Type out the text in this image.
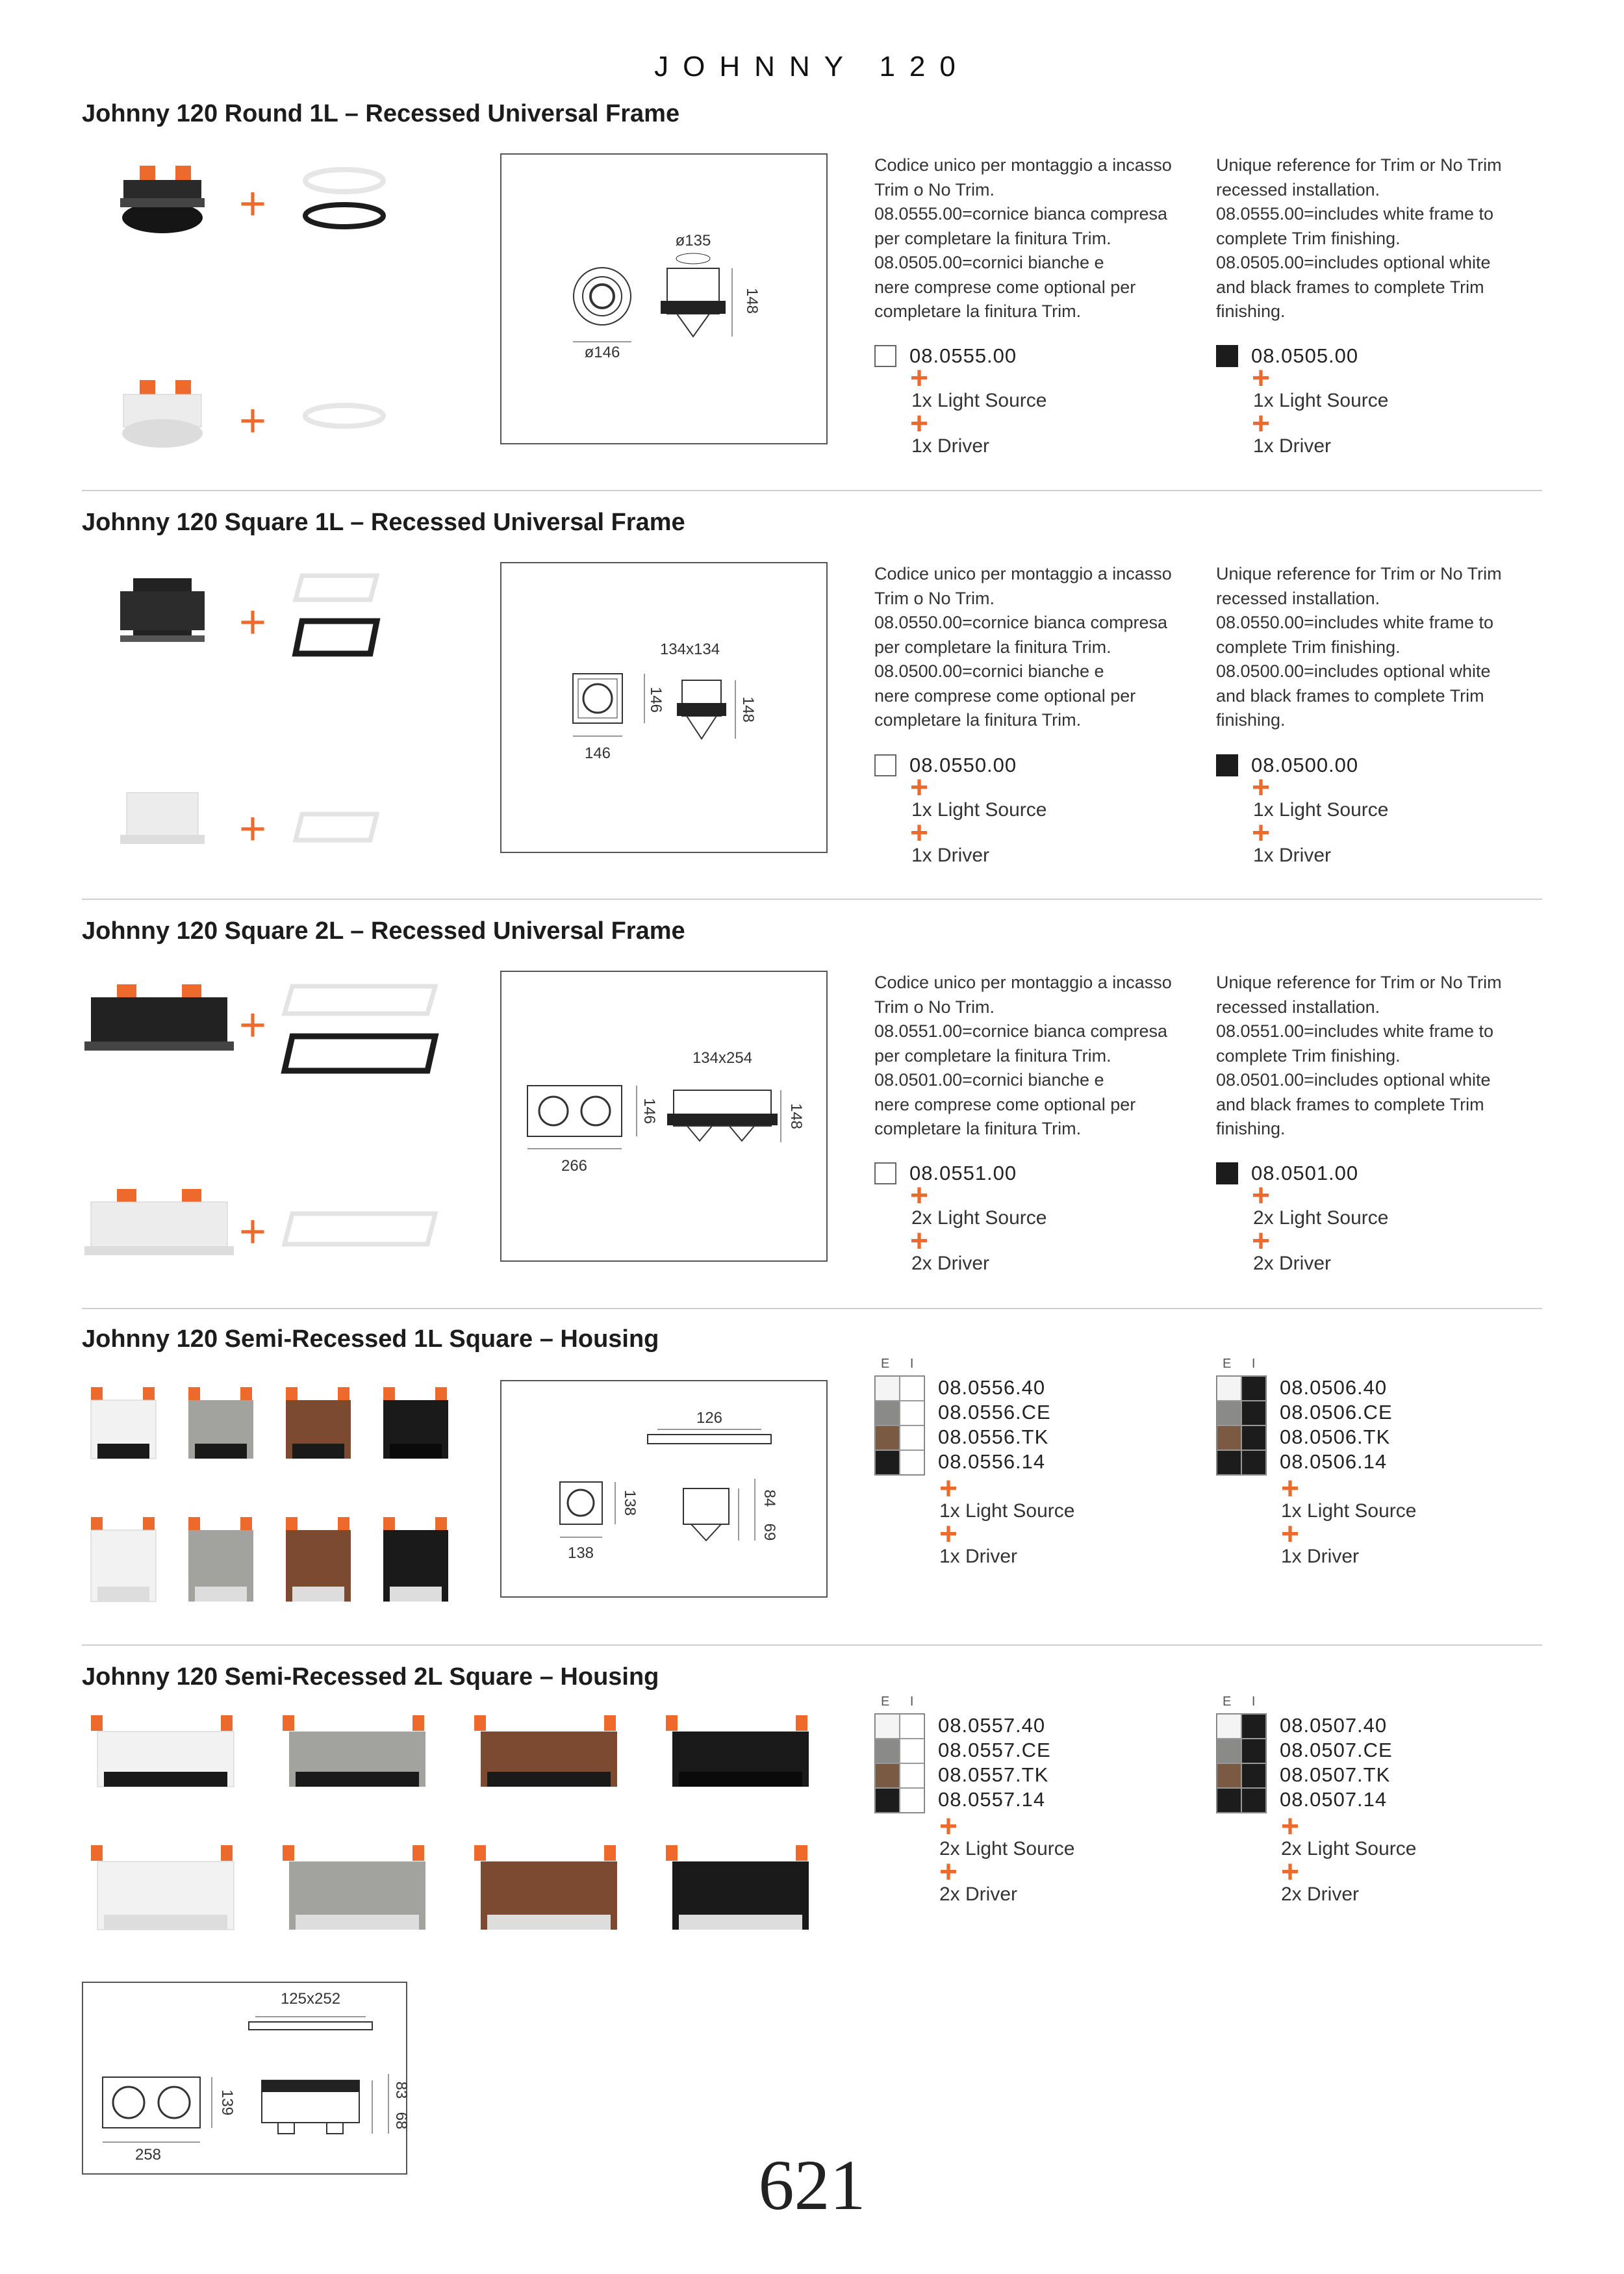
JOHNNY 120
Johnny 120 Round 1L – Recessed Universal Frame
+
+
ø135
148
ø146
Codice unico per montaggio a incasso
Trim o No Trim.
08.0555.00=cornice bianca compresa
per completare la finitura Trim.
08.0505.00=cornici bianche e
nere comprese come optional per
completare la finitura Trim.
Unique reference for Trim or No Trim
recessed installation.
08.0555.00=includes white frame to
complete Trim finishing.
08.0505.00=includes optional white
and black frames to complete Trim
finishing.
08.0555.00
+
1x Light Source
+
1x Driver
08.0505.00
+
1x Light Source
+
1x Driver
Johnny 120 Square 1L – Recessed Universal Frame
+
+
134x134
146	148
146
Codice unico per montaggio a incasso
Trim o No Trim.
08.0550.00=cornice bianca compresa
per completare la finitura Trim.
08.0500.00=cornici bianche e
nere comprese come optional per
completare la finitura Trim.
Unique reference for Trim or No Trim
recessed installation.
08.0550.00=includes white frame to
complete Trim finishing.
08.0500.00=includes optional white
and black frames to complete Trim
finishing.
08.0550.00
+
1x Light Source
+
1x Driver
08.0500.00
+
1x Light Source
+
1x Driver
Johnny 120 Square 2L – Recessed Universal Frame
+
+
134x254
146	148
266
Codice unico per montaggio a incasso
Trim o No Trim.
08.0551.00=cornice bianca compresa
per completare la finitura Trim.
08.0501.00=cornici bianche e
nere comprese come optional per
completare la finitura Trim.
Unique reference for Trim or No Trim
recessed installation.
08.0551.00=includes white frame to
complete Trim finishing.
08.0501.00=includes optional white
and black frames to complete Trim
finishing.
08.0551.00
+
2x Light Source
+
2x Driver
08.0501.00
+
2x Light Source
+
2x Driver
Johnny 120 Semi-Recessed 1L Square – Housing
126
138
138
84
69
E I
08.0556.40
08.0556.CE
08.0556.TK
08.0556.14
+
1x Light Source
+
1x Driver
E I
08.0506.40
08.0506.CE
08.0506.TK
08.0506.14
+
1x Light Source
+
1x Driver
Johnny 120 Semi-Recessed 2L Square – Housing
E I
08.0557.40
08.0557.CE
08.0557.TK
08.0557.14
+
2x Light Source
+
2x Driver
E I
08.0507.40
08.0507.CE
08.0507.TK
08.0507.14
+
2x Light Source
+
2x Driver
125x252
139	83
68
258	621
